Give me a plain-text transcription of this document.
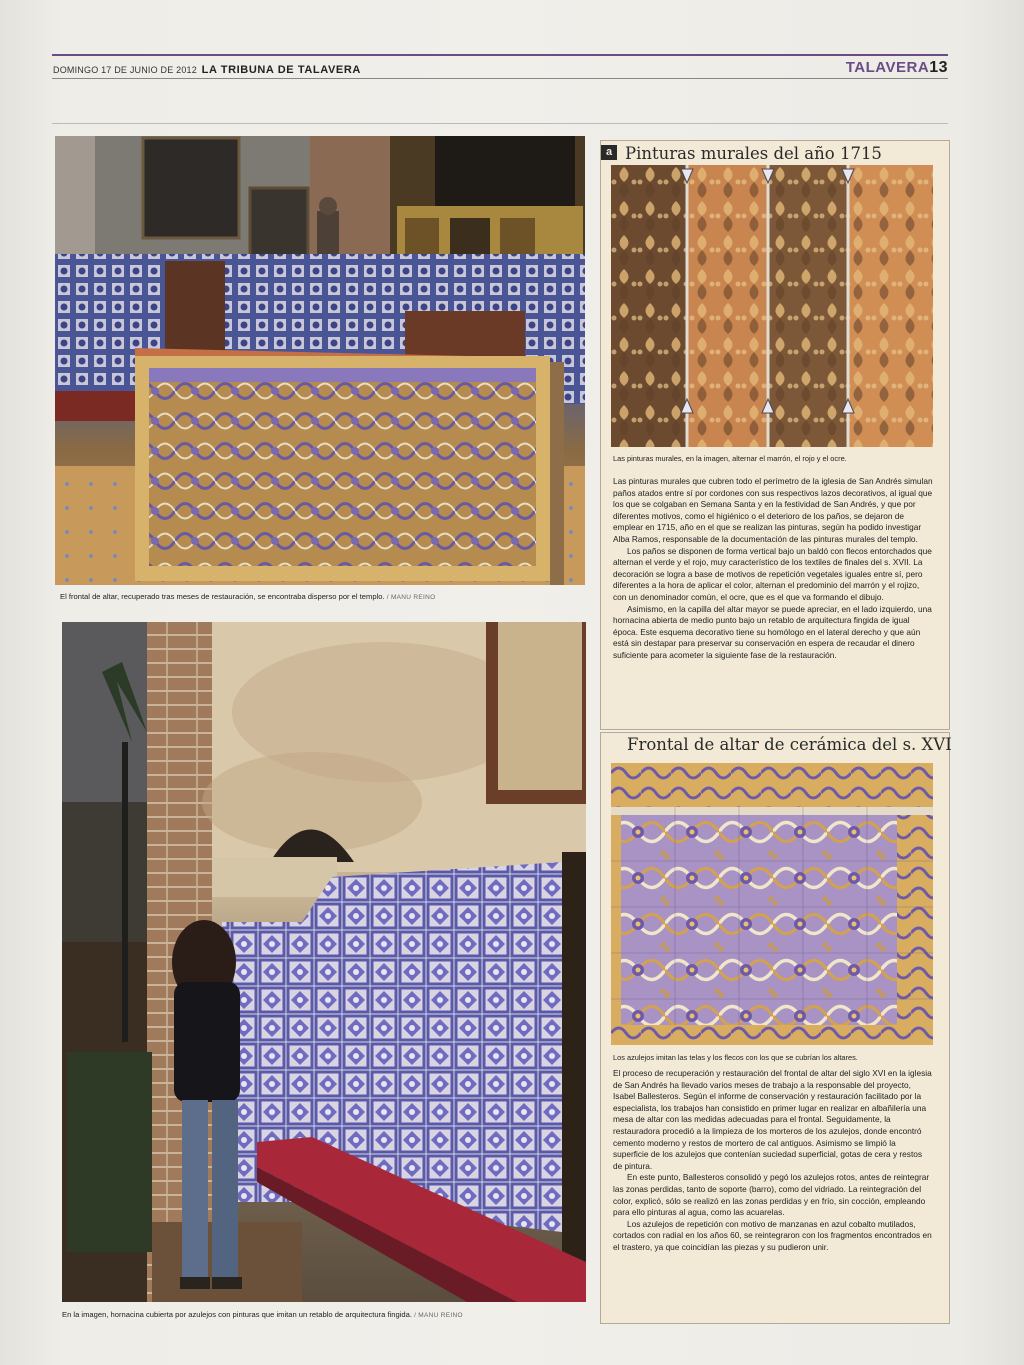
DOMINGO 17 DE JUNIO DE 2012 LA TRIBUNA DE TALAVERA	TALAVERA13
El frontal de altar, recuperado tras meses de restauración, se encontraba disperso por el templo. / MANU REINO
En la imagen, hornacina cubierta por azulejos con pinturas que imitan un retablo de arquitectura fingida. / MANU REINO
a Pinturas murales del año 1715
Las pinturas murales, en la imagen, alternar el marrón, el rojo y el ocre.

Las pinturas murales que cubren todo el perímetro de la iglesia de San Andrés simulan paños atados entre sí por cordones con sus respectivos lazos decorativos, al igual que los que se colgaban en Semana Santa y en la festividad de San Andrés, y que por diferentes motivos, como el higiénico o el deterioro de los paños, se dejaron de emplear en 1715, año en el que se realizan las pinturas, según ha podido investigar Alba Ramos, responsable de la documentación de las pinturas murales del templo.

Los paños se disponen de forma vertical bajo un baldó con flecos entorchados que alternan el verde y el rojo, muy característico de los textiles de finales del s. XVII. La decoración se logra a base de motivos de repetición vegetales iguales entre sí, pero diferentes a la hora de aplicar el color, alternan el predominio del marrón y el rojizo, con un denominador común, el ocre, que es el que va formando el dibujo.

Asimismo, en la capilla del altar mayor se puede apreciar, en el lado izquierdo, una hornacina abierta de medio punto bajo un retablo de arquitectura fingida de igual época. Este esquema decorativo tiene su homólogo en el lateral derecho y que aún está sin destapar para preservar su conservación en espera de recaudar el dinero suficiente para acometer la siguiente fase de la restauración.

Frontal de altar de cerámica del s. XVI
Los azulejos imitan las telas y los flecos con los que se cubrían los altares.

El proceso de recuperación y restauración del frontal de altar del siglo XVI en la iglesia de San Andrés ha llevado varios meses de trabajo a la responsable del proyecto, Isabel Ballesteros. Según el informe de conservación y restauración facilitado por la especialista, los trabajos han consistido en primer lugar en realizar en albañilería una mesa de altar con las medidas adecuadas para el frontal. Seguidamente, la restauradora procedió a la limpieza de los morteros de los azulejos, donde encontró cemento moderno y restos de mortero de cal antiguos. Asimismo se limpió la superficie de los azulejos que contenían suciedad superficial, gotas de cera y restos de pintura.

En este punto, Ballesteros consolidó y pegó los azulejos rotos, antes de reintegrar las zonas perdidas, tanto de soporte (barro), como del vidriado. La reintegración del color, explicó, sólo se realizó en las zonas perdidas y en frío, sin cocción, empleando para ello pinturas al agua, como las acuarelas.

Los azulejos de repetición con motivo de manzanas en azul cobalto mutilados, cortados con radial en los años 60, se reintegraron con los fragmentos encontrados en el trastero, ya que coincidían las piezas y su pudieron unir.
